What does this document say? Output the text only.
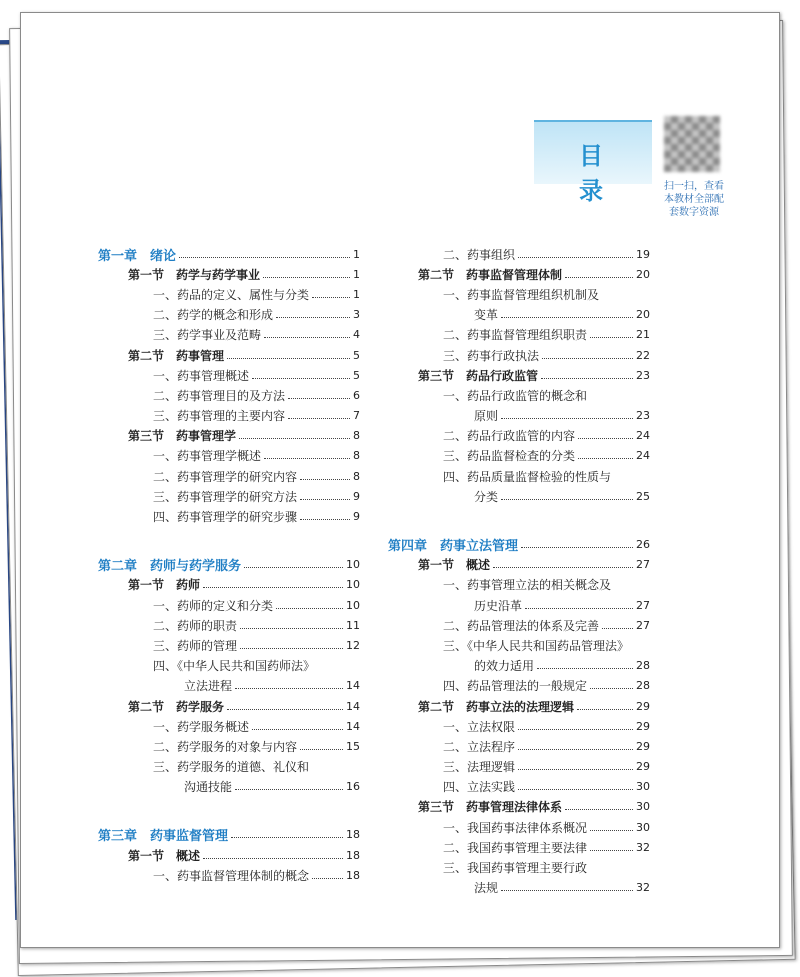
目 录	扫一扫，查看本教材全部配套数字资源
第一章　绪论	1
第一节　药学与药学事业	1
一、药品的定义、属性与分类	1
二、药学的概念和形成	3
三、药学事业及范畴	4
第二节　药事管理	5
一、药事管理概述	5
二、药事管理目的及方法	6
三、药事管理的主要内容	7
第三节　药事管理学	8
一、药事管理学概述	8
二、药事管理学的研究内容	8
三、药事管理学的研究方法	9
四、药事管理学的研究步骤	9
第二章　药师与药学服务	10
第一节　药师	10
一、药师的定义和分类	10
二、药师的职责	11
三、药师的管理	12
四、《中华人民共和国药师法》
立法进程	14
第二节　药学服务	14
一、药学服务概述	14
二、药学服务的对象与内容	15
三、药学服务的道德、礼仪和
沟通技能	16
第三章　药事监督管理	18
第一节　概述	18
一、药事监督管理体制的概念	18
二、药事组织	19
第二节　药事监督管理体制	20
一、药事监督管理组织机制及
变革	20
二、药事监督管理组织职责	21
三、药事行政执法	22
第三节　药品行政监管	23
一、药品行政监管的概念和
原则	23
二、药品行政监管的内容	24
三、药品监督检查的分类	24
四、药品质量监督检验的性质与
分类	25
第四章　药事立法管理	26
第一节　概述	27
一、药事管理立法的相关概念及
历史沿革	27
二、药品管理法的体系及完善	27
三、《中华人民共和国药品管理法》
的效力适用	28
四、药品管理法的一般规定	28
第二节　药事立法的法理逻辑	29
一、立法权限	29
二、立法程序	29
三、法理逻辑	29
四、立法实践	30
第三节　药事管理法律体系	30
一、我国药事法律体系概况	30
二、我国药事管理主要法律	32
三、我国药事管理主要行政
法规	32
